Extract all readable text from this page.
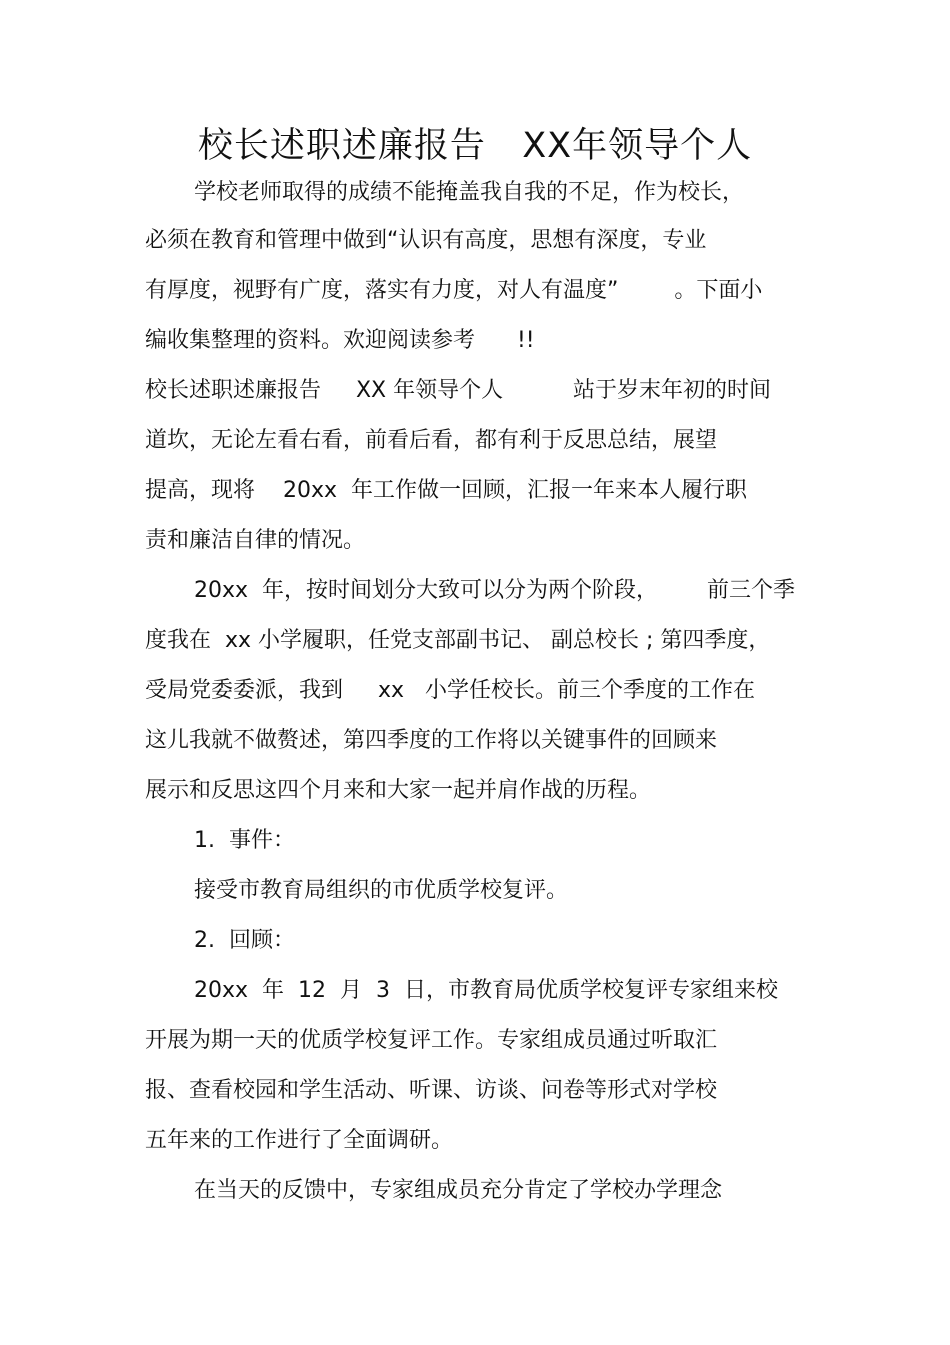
校长述职述廉报告   XX年领导个人
学校老师取得的成绩不能掩盖我自我的不足，作为校长，
必须在教育和管理中做到“认识有高度，思想有深度，专业
有厚度，视野有广度，落实有力度，对人有温度”        。下面小
编收集整理的资料。欢迎阅读参考      !!
校长述职述廉报告     XX 年领导个人          站于岁末年初的时间
道坎，无论左看右看，前看后看，都有利于反思总结，展望
提高，现将    20xx  年工作做一回顾，汇报一年来本人履行职
责和廉洁自律的情况。
20xx  年，按时间划分大致可以分为两个阶段，       前三个季
度我在  xx 小学履职，任党支部副书记、 副总校长 ; 第四季度，
受局党委委派，我到     xx   小学任校长。前三个季度的工作在
这儿我就不做赘述，第四季度的工作将以关键事件的回顾来
展示和反思这四个月来和大家一起并肩作战的历程。
1.  事件：
接受市教育局组织的市优质学校复评。
2.  回顾：
20xx  年  12  月  3  日，市教育局优质学校复评专家组来校
开展为期一天的优质学校复评工作。专家组成员通过听取汇
报、查看校园和学生活动、听课、访谈、问卷等形式对学校
五年来的工作进行了全面调研。
在当天的反馈中，专家组成员充分肯定了学校办学理念
